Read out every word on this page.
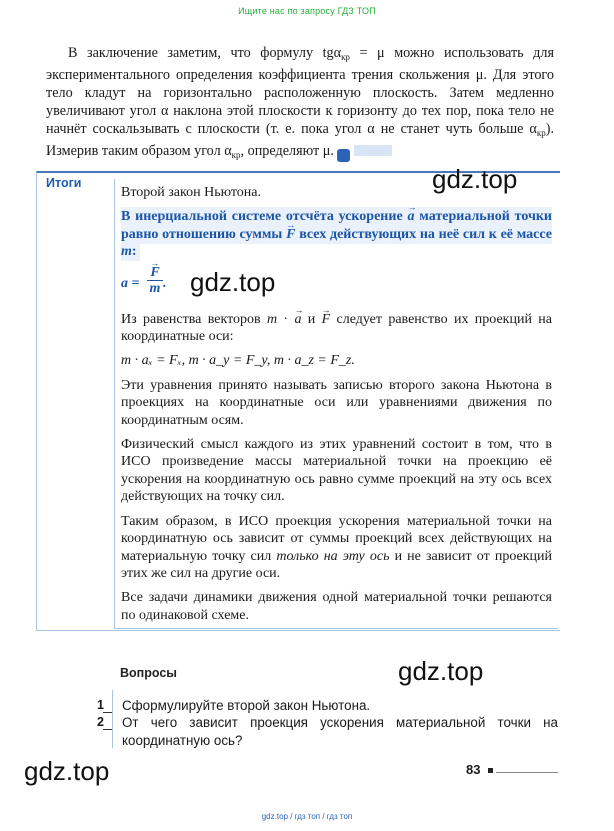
Ищите нас по запросу ГДЗ ТОП

В заключение заметим, что формулу tgα$_{кр}$ = μ можно использовать для экспериментального определения коэффициента трения скольжения μ. Для этого тело кладут на горизонтально расположенную плоскость. Затем медленно увеличивают угол α наклона этой плоскости к горизонту до тех пор, пока тело не начнёт соскальзывать с плоскости (т. е. пока угол α не станет чуть больше $\alpha_{кр}$). Измерив таким образом угол $\alpha_{кр}$, определяют μ.

Итоги

Второй закон Ньютона.

В инерциальной системе отсчёта ускорение → a материальной точки равно отношению суммы → F всех действующих на неё сил к её массе m:
a =
→ $\frac{F}{m}$ .

Из равенства векторов m · → a и → F следует равенство их проекций на координатные оси:

m · aₓ = Fₓ, m · a_y = F_y, m · a_z = F_z.

Эти уравнения принято называть записью второго закона Ньютона в проекциях на координатные оси или уравнениями движения по координатным осям.

Физический смысл каждого из этих уравнений состоит в том, что в ИСО произведение массы материальной точки на проекцию её ускорения на координатную ось равно сумме проекций на эту ось всех действующих на точку сил.

Таким образом, в ИСО проекция ускорения материальной точки на координатную ось зависит от суммы проекций всех действующих на материальную точку сил только на эту ось и не зависит от проекций этих же сил на другие оси.

Все задачи динамики движения одной материальной точки решаются по одинаковой схеме.

gdz.top
gdz.top
gdz.top
gdz.top
Вопросы
1 Сформулируйте второй закон Ньютона.
2 От чего зависит проекция ускорения материальной точки на координатную ось?
83
gdz.top / гдз топ / гдз топ
